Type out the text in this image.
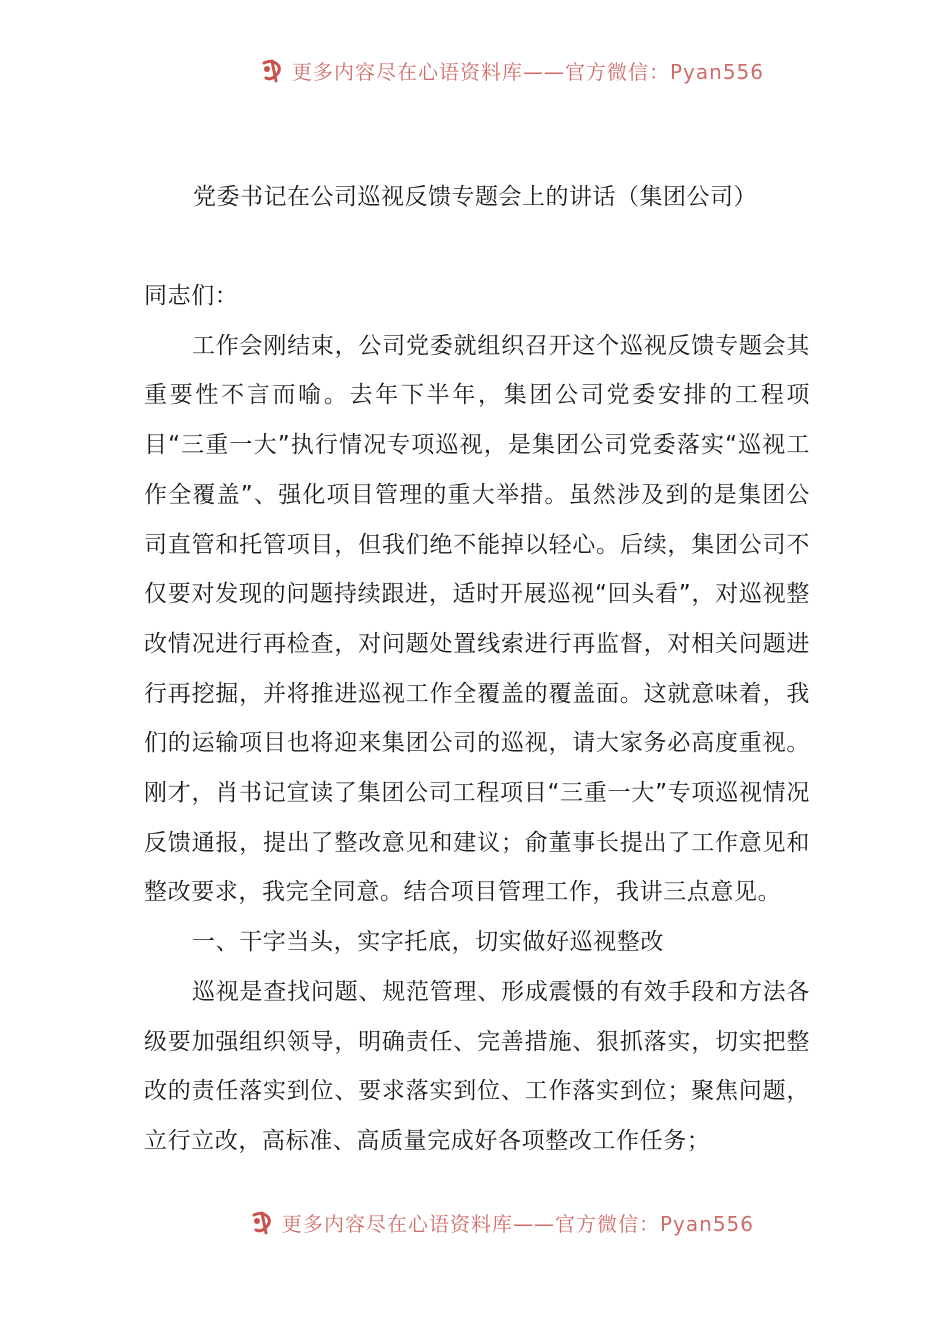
更多内容尽在心语资料库——官方微信：Pyan556
党委书记在公司巡视反馈专题会上的讲话（集团公司）

同志们：

工作会刚结束，公司党委就组织召开这个巡视反馈专题会其重要性不言而喻。去年下半年，集团公司党委安排的工程项目“三重一大”执行情况专项巡视，是集团公司党委落实“巡视工作全覆盖”、强化项目管理的重大举措。虽然涉及到的是集团公司直管和托管项目，但我们绝不能掉以轻心。后续，集团公司不仅要对发现的问题持续跟进，适时开展巡视“回头看”，对巡视整改情况进行再检查，对问题处置线索进行再监督，对相关问题进行再挖掘，并将推进巡视工作全覆盖的覆盖面。这就意味着，我们的运输项目也将迎来集团公司的巡视，请大家务必高度重视。刚才，肖书记宣读了集团公司工程项目“三重一大”专项巡视情况反馈通报，提出了整改意见和建议；俞董事长提出了工作意见和整改要求，我完全同意。结合项目管理工作，我讲三点意见。

一、干字当头，实字托底，切实做好巡视整改

巡视是查找问题、规范管理、形成震慑的有效手段和方法各级要加强组织领导，明确责任、完善措施、狠抓落实，切实把整改的责任落实到位、要求落实到位、工作落实到位；聚焦问题，立行立改，高标准、高质量完成好各项整改工作任务；

更多内容尽在心语资料库——官方微信：Pyan556
